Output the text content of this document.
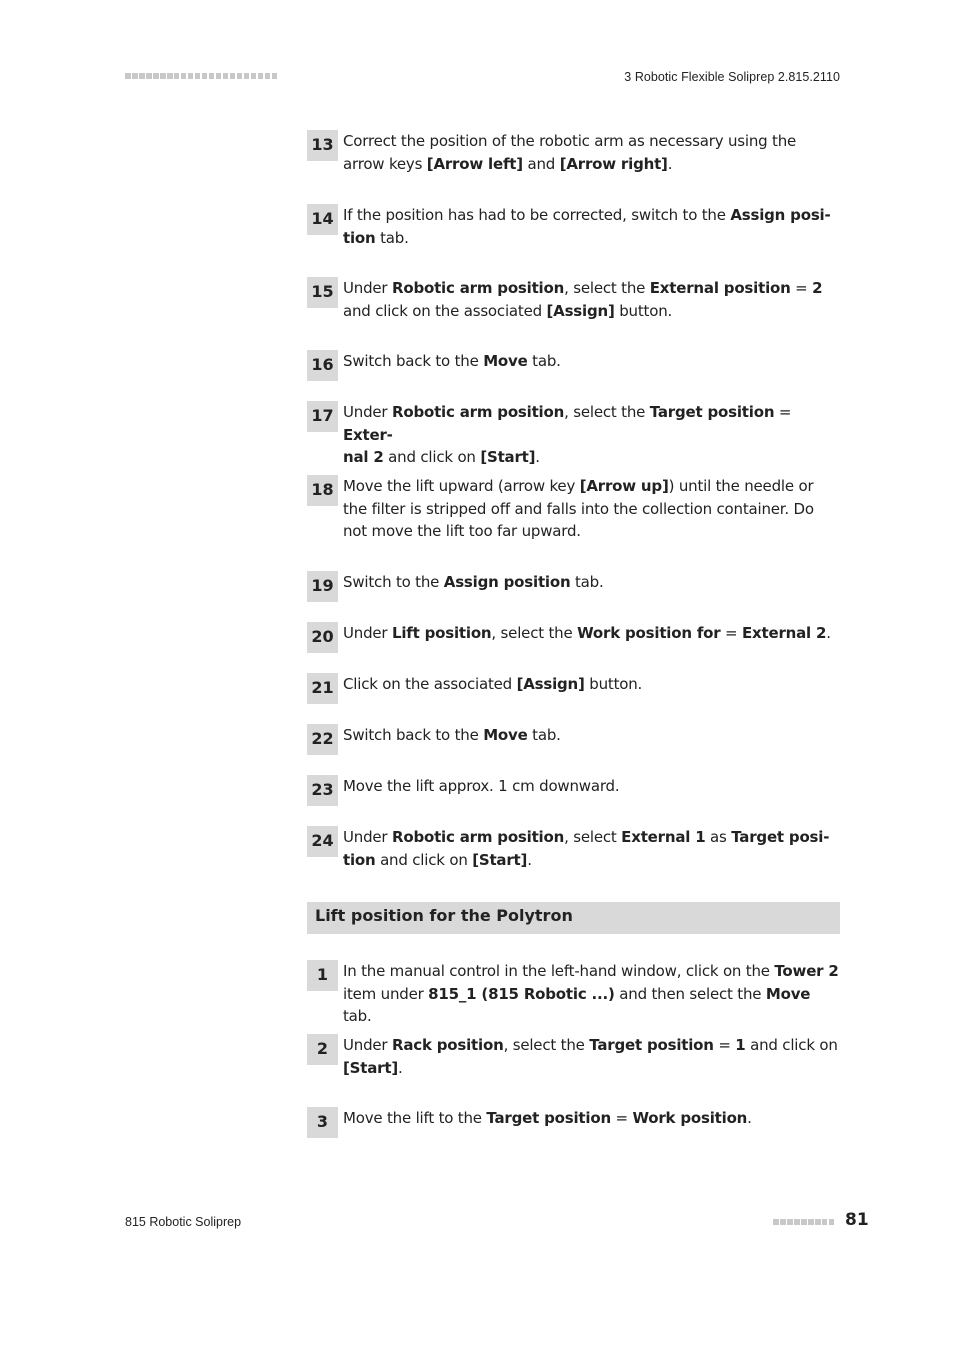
3 Robotic Flexible Soliprep 2.815.2110
13 Correct the position of the robotic arm as necessary using the arrow keys [Arrow left] and [Arrow right].
14 If the position has had to be corrected, switch to the Assign posi-
tion tab.
15 Under Robotic arm position, select the External position = 2
and click on the associated [Assign] button.
16 Switch back to the Move tab.
17 Under Robotic arm position, select the Target position = Exter-
nal 2 and click on [Start].
18 Move the lift upward (arrow key [Arrow up]) until the needle or the filter is stripped off and falls into the collection container. Do not move the lift too far upward.
19 Switch to the Assign position tab.
20 Under Lift position, select the Work position for = External 2.
21 Click on the associated [Assign] button.
22 Switch back to the Move tab.
23 Move the lift approx. 1 cm downward.
24 Under Robotic arm position, select External 1 as Target posi-
tion and click on [Start].
Lift position for the Polytron
1 In the manual control in the left-hand window, click on the Tower 2
item under 815_1 (815 Robotic ...) and then select the Move tab.
2 Under Rack position, select the Target position = 1 and click on [Start].
3 Move the lift to the Target position = Work position.
815 Robotic Soliprep	81
